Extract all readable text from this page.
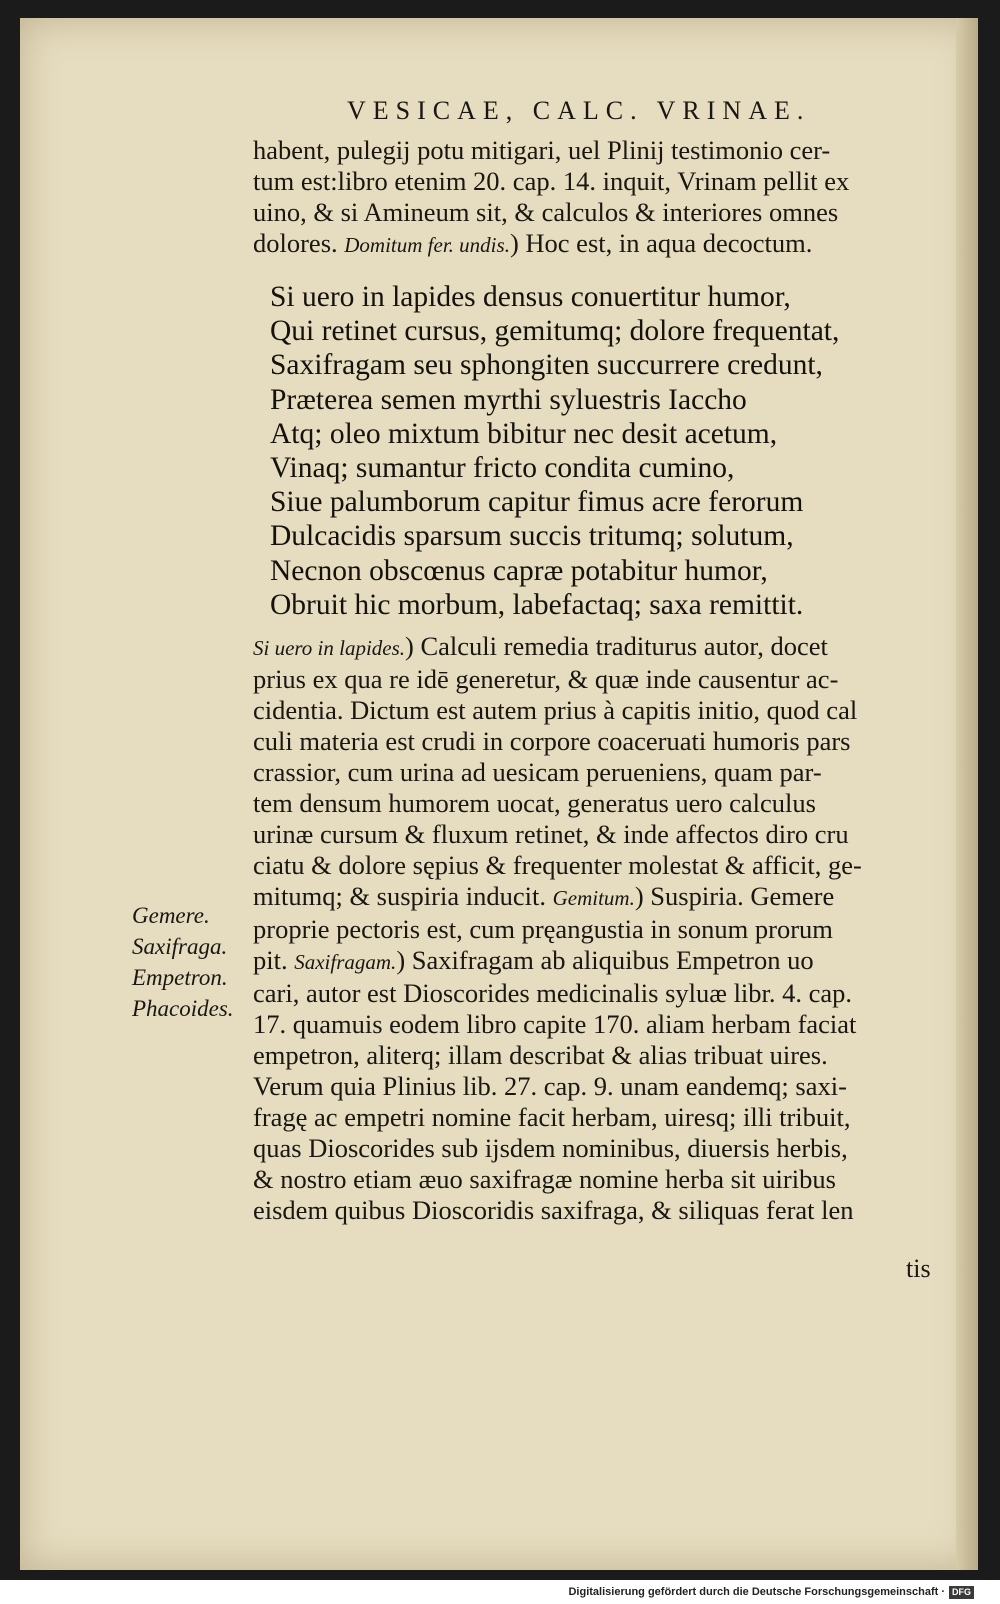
VESICAE, CALC. VRINAE.
habent, pulegij potu mitigari, uel Plinij testimonio cer-
tum est:libro etenim 20. cap. 14. inquit, Vrinam pellit ex
uino, & si Amineum sit, & calculos & interiores omnes
dolores. Domitum fer. undis.) Hoc est, in aqua decoctum.
Si uero in lapides densus conuertitur humor,
Qui retinet cursus, gemitumq; dolore frequentat,
Saxifragam seu sphongiten succurrere credunt,
Præterea semen myrthi syluestris Iaccho
Atq; oleo mixtum bibitur nec desit acetum,
Vinaq; sumantur fricto condita cumino,
Siue palumborum capitur fimus acre ferorum
Dulcacidis sparsum succis tritumq; solutum,
Necnon obscœnus capræ potabitur humor,
Obruit hic morbum, labefactaq; saxa remittit.
Si uero in lapides.) Calculi remedia traditurus autor, docet
prius ex qua re idē generetur, & quæ inde causentur ac-
cidentia. Dictum est autem prius à capitis initio, quod cal
culi materia est crudi in corpore coaceruati humoris pars
crassior, cum urina ad uesicam perueniens, quam par-
tem densum humorem uocat, generatus uero calculus
urinæ cursum & fluxum retinet, & inde affectos diro cru
ciatu & dolore sępius & frequenter molestat & afficit, ge-
mitumq; & suspiria inducit. Gemitum.) Suspiria. Gemere
proprie pectoris est, cum pręangustia in sonum prorum
pit. Saxifragam.) Saxifragam ab aliquibus Empetron uo
cari, autor est Dioscorides medicinalis syluæ libr. 4. cap.
17. quamuis eodem libro capite 170. aliam herbam faciat
empetron, aliterq; illam describat & alias tribuat uires.
Verum quia Plinius lib. 27. cap. 9. unam eandemq; saxi-
fragę ac empetri nomine facit herbam, uiresq; illi tribuit,
quas Dioscorides sub ijsdem nominibus, diuersis herbis,
& nostro etiam æuo saxifragæ nomine herba sit uiribus
eisdem quibus Dioscoridis saxifraga, & siliquas ferat len
Gemere.
Saxifraga.
Empetron.
Phacoides.
tis
Digitalisierung gefördert durch die Deutsche Forschungsgemeinschaft · DFG
